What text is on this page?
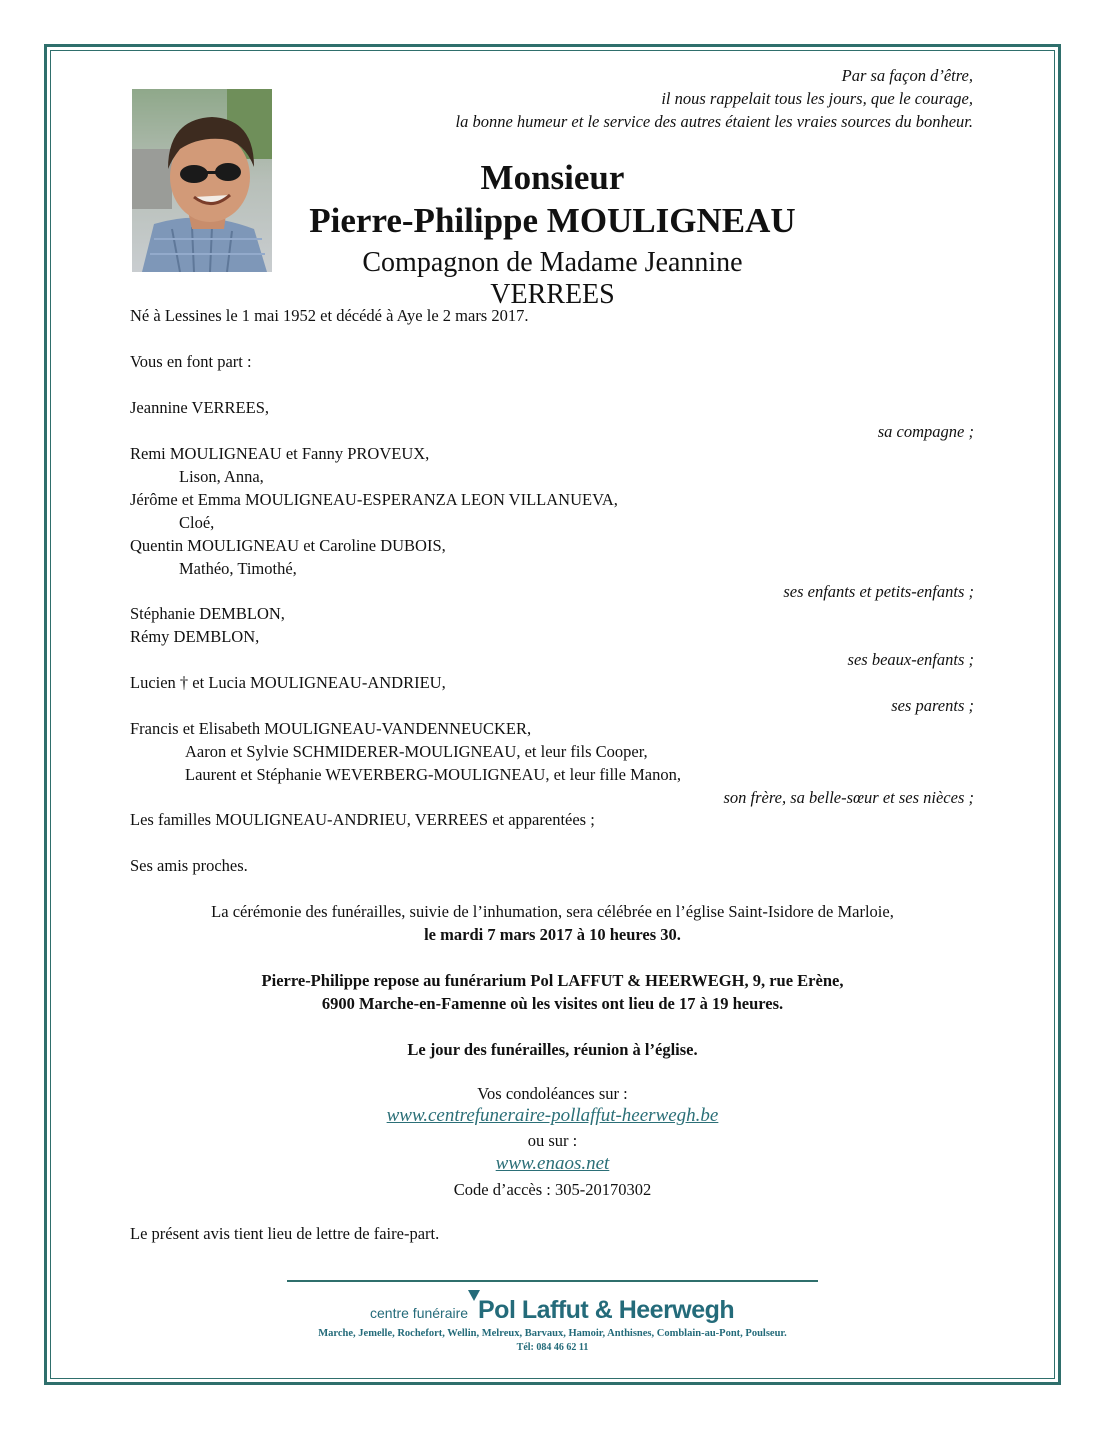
Par sa façon d’être,
il nous rappelait tous les jours, que le courage,
la bonne humeur et le service des autres étaient les vraies sources du bonheur.
Monsieur
Pierre-Philippe MOULIGNEAU
Compagnon de Madame Jeannine VERREES
Né à Lessines le 1 mai 1952 et décédé à Aye le 2 mars 2017.
Vous en font part :
Jeannine VERREES,
sa compagne ;
Remi MOULIGNEAU et Fanny PROVEUX,
Lison, Anna,
Jérôme et Emma MOULIGNEAU-ESPERANZA LEON VILLANUEVA,
Cloé,
Quentin MOULIGNEAU et Caroline DUBOIS,
Mathéo, Timothé,
ses enfants et petits-enfants ;
Stéphanie DEMBLON,
Rémy DEMBLON,
ses beaux-enfants ;
Lucien † et Lucia MOULIGNEAU-ANDRIEU,
ses parents ;
Francis et Elisabeth MOULIGNEAU-VANDENNEUCKER,
Aaron et Sylvie SCHMIDERER-MOULIGNEAU, et leur fils Cooper,
Laurent et Stéphanie WEVERBERG-MOULIGNEAU, et leur fille Manon,
son frère, sa belle-sœur et ses nièces ;
Les familles MOULIGNEAU-ANDRIEU, VERREES et apparentées ;
Ses amis proches.
La cérémonie des funérailles, suivie de l’inhumation, sera célébrée en l’église Saint-Isidore de Marloie,
le mardi 7 mars 2017 à 10 heures 30.
Pierre-Philippe repose au funérarium Pol LAFFUT & HEERWEGH, 9, rue Erène,
6900 Marche-en-Famenne où les visites ont lieu de 17 à 19 heures.
Le jour des funérailles, réunion à l’église.
Vos condoléances sur :
www.centrefuneraire-pollaffut-heerwegh.be
ou sur :
www.enaos.net
Code d’accès : 305-20170302
Le présent avis tient lieu de lettre de faire-part.
centre funéraire Pol Laffut & Heerwegh
Marche, Jemelle, Rochefort, Wellin, Melreux, Barvaux, Hamoir, Anthisnes, Comblain-au-Pont, Poulseur.
Tél: 084 46 62 11
